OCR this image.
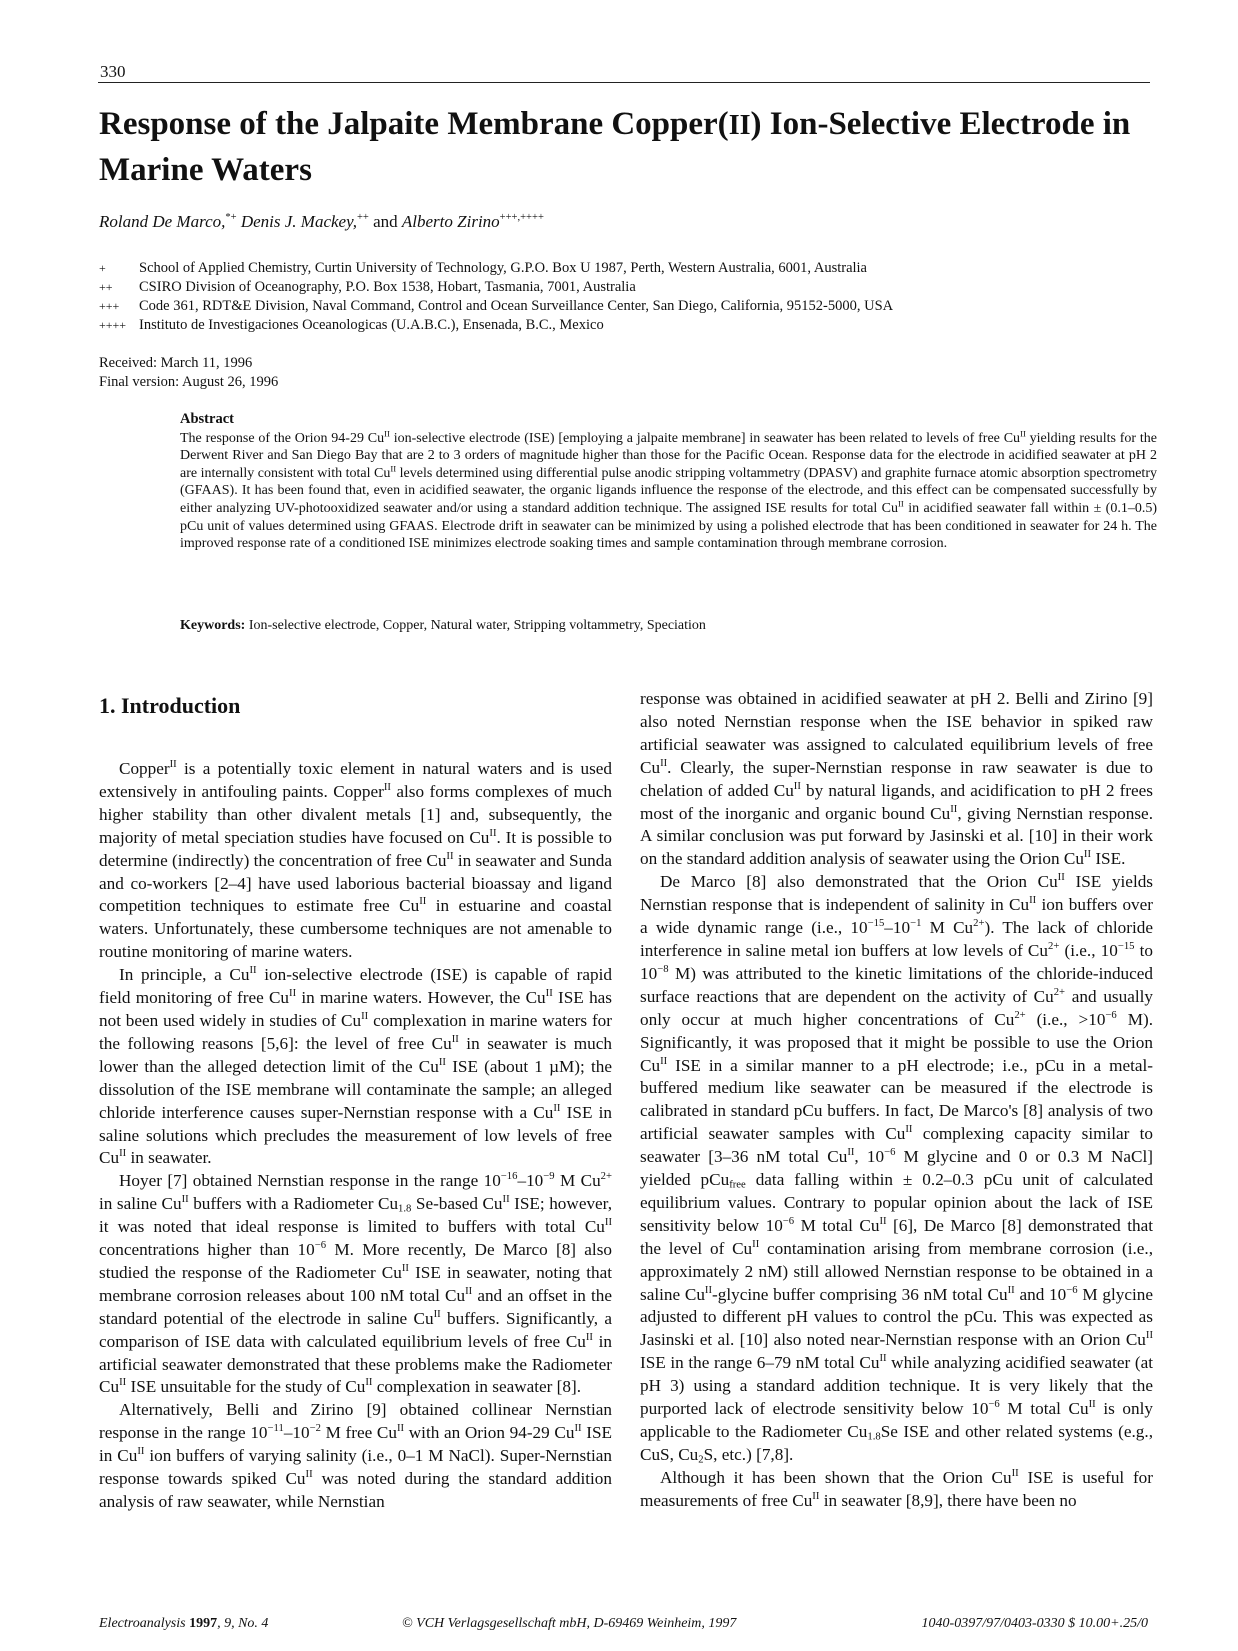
330
Response of the Jalpaite Membrane Copper(II) Ion-Selective Electrode in Marine Waters
Roland De Marco,*+ Denis J. Mackey,++ and Alberto Zirino+++,++++
+ School of Applied Chemistry, Curtin University of Technology, G.P.O. Box U 1987, Perth, Western Australia, 6001, Australia
++ CSIRO Division of Oceanography, P.O. Box 1538, Hobart, Tasmania, 7001, Australia
+++ Code 361, RDT&E Division, Naval Command, Control and Ocean Surveillance Center, San Diego, California, 95152-5000, USA
++++ Instituto de Investigaciones Oceanologicas (U.A.B.C.), Ensenada, B.C., Mexico
Received: March 11, 1996
Final version: August 26, 1996
Abstract

The response of the Orion 94-29 $Cu^{II}$ ion-selective electrode (ISE) [employing a jalpaite membrane] in seawater has been related to levels of free $Cu^{II}$ yielding results for the Derwent River and San Diego Bay that are 2 to 3 orders of magnitude higher than those for the Pacific Ocean. Response data for the electrode in acidified seawater at pH 2 are internally consistent with total $Cu^{II}$ levels determined using differential pulse anodic stripping voltammetry (DPASV) and graphite furnace atomic absorption spectrometry (GFAAS). It has been found that, even in acidified seawater, the organic ligands influence the response of the electrode, and this effect can be compensated successfully by either analyzing UV-photooxidized seawater and/or using a standard addition technique. The assigned ISE results for total $Cu^{II}$ in acidified seawater fall within ± (0.1–0.5) pCu unit of values determined using GFAAS. Electrode drift in seawater can be minimized by using a polished electrode that has been conditioned in seawater for 24 h. The improved response rate of a conditioned ISE minimizes electrode soaking times and sample contamination through membrane corrosion.

Keywords: Ion-selective electrode, Copper, Natural water, Stripping voltammetry, Speciation
1. Introduction

Copper$^{II}$ is a potentially toxic element in natural waters and is used extensively in antifouling paints. Copper$^{II}$ also forms complexes of much higher stability than other divalent metals [1] and, subsequently, the majority of metal speciation studies have focused on $Cu^{II}$. It is possible to determine (indirectly) the concentration of free $Cu^{II}$ in seawater and Sunda and co-workers [2–4] have used laborious bacterial bioassay and ligand competition techniques to estimate free $Cu^{II}$ in estuarine and coastal waters. Unfortunately, these cumbersome techniques are not amenable to routine monitoring of marine waters.

In principle, a $Cu^{II}$ ion-selective electrode (ISE) is capable of rapid field monitoring of free $Cu^{II}$ in marine waters. However, the $Cu^{II}$ ISE has not been used widely in studies of $Cu^{II}$ complexation in marine waters for the following reasons [5,6]: the level of free $Cu^{II}$ in seawater is much lower than the alleged detection limit of the $Cu^{II}$ ISE (about 1 µM); the dissolution of the ISE membrane will contaminate the sample; an alleged chloride interference causes super-Nernstian response with a $Cu^{II}$ ISE in saline solutions which precludes the measurement of low levels of free $Cu^{II}$ in seawater.

Hoyer [7] obtained Nernstian response in the range $10^{-16}-10^{-9}$ M $Cu^{2+}$ in saline $Cu^{II}$ buffers with a Radiometer $Cu_{1.8}$ Se-based $Cu^{II}$ ISE; however, it was noted that ideal response is limited to buffers with total $Cu^{II}$ concentrations higher than $10^{-6}$ M. More recently, De Marco [8] also studied the response of the Radiometer $Cu^{II}$ ISE in seawater, noting that membrane corrosion releases about 100 nM total $Cu^{II}$ and an offset in the standard potential of the electrode in saline $Cu^{II}$ buffers. Significantly, a comparison of ISE data with calculated equilibrium levels of free $Cu^{II}$ in artificial seawater demonstrated that these problems make the Radiometer $Cu^{II}$ ISE unsuitable for the study of $Cu^{II}$ complexation in seawater [8].

Alternatively, Belli and Zirino [9] obtained collinear Nernstian response in the range $10^{-11}-10^{-2}$ M free $Cu^{II}$ with an Orion 94-29 $Cu^{II}$ ISE in $Cu^{II}$ ion buffers of varying salinity (i.e., 0–1 M NaCl). Super-Nernstian response towards spiked $Cu^{II}$ was noted during the standard addition analysis of raw seawater, while Nernstian

response was obtained in acidified seawater at pH 2. Belli and Zirino [9] also noted Nernstian response when the ISE behavior in spiked raw artificial seawater was assigned to calculated equilibrium levels of free $Cu^{II}$. Clearly, the super-Nernstian response in raw seawater is due to chelation of added $Cu^{II}$ by natural ligands, and acidification to pH 2 frees most of the inorganic and organic bound $Cu^{II}$, giving Nernstian response. A similar conclusion was put forward by Jasinski et al. [10] in their work on the standard addition analysis of seawater using the Orion $Cu^{II}$ ISE.

De Marco [8] also demonstrated that the Orion $Cu^{II}$ ISE yields Nernstian response that is independent of salinity in $Cu^{II}$ ion buffers over a wide dynamic range (i.e., $10^{-15}-10^{-1}$ M $Cu^{2+}$). The lack of chloride interference in saline metal ion buffers at low levels of $Cu^{2+}$ (i.e., $10^{-15}$ to $10^{-8}$ M) was attributed to the kinetic limitations of the chloride-induced surface reactions that are dependent on the activity of $Cu^{2+}$ and usually only occur at much higher concentrations of $Cu^{2+}$ (i.e., $>10^{-6}$ M). Significantly, it was proposed that it might be possible to use the Orion $Cu^{II}$ ISE in a similar manner to a pH electrode; i.e., pCu in a metal-buffered medium like seawater can be measured if the electrode is calibrated in standard pCu buffers. In fact, De Marco's [8] analysis of two artificial seawater samples with $Cu^{II}$ complexing capacity similar to seawater [3–36 nM total $Cu^{II}$, $10^{-6}$ M glycine and 0 or 0.3 M NaCl] yielded pCu$_{free}$ data falling within ± 0.2–0.3 pCu unit of calculated equilibrium values. Contrary to popular opinion about the lack of ISE sensitivity below $10^{-6}$ M total $Cu^{II}$ [6], De Marco [8] demonstrated that the level of $Cu^{II}$ contamination arising from membrane corrosion (i.e., approximately 2 nM) still allowed Nernstian response to be obtained in a saline $Cu^{II}$-glycine buffer comprising 36 nM total $Cu^{II}$ and $10^{-6}$ M glycine adjusted to different pH values to control the pCu. This was expected as Jasinski et al. [10] also noted near-Nernstian response with an Orion $Cu^{II}$ ISE in the range 6–79 nM total $Cu^{II}$ while analyzing acidified seawater (at pH 3) using a standard addition technique. It is very likely that the purported lack of electrode sensitivity below $10^{-6}$ M total $Cu^{II}$ is only applicable to the Radiometer $Cu_{1.8}Se$ ISE and other related systems (e.g., CuS, $Cu_2S$, etc.) [7,8].

Although it has been shown that the Orion $Cu^{II}$ ISE is useful for measurements of free $Cu^{II}$ in seawater [8,9], there have been no

Electroanalysis 1997, 9, No. 4	© VCH Verlagsgesellschaft mbH, D-69469 Weinheim, 1997	1040-0397/97/0403-0330 $ 10.00+.25/0
